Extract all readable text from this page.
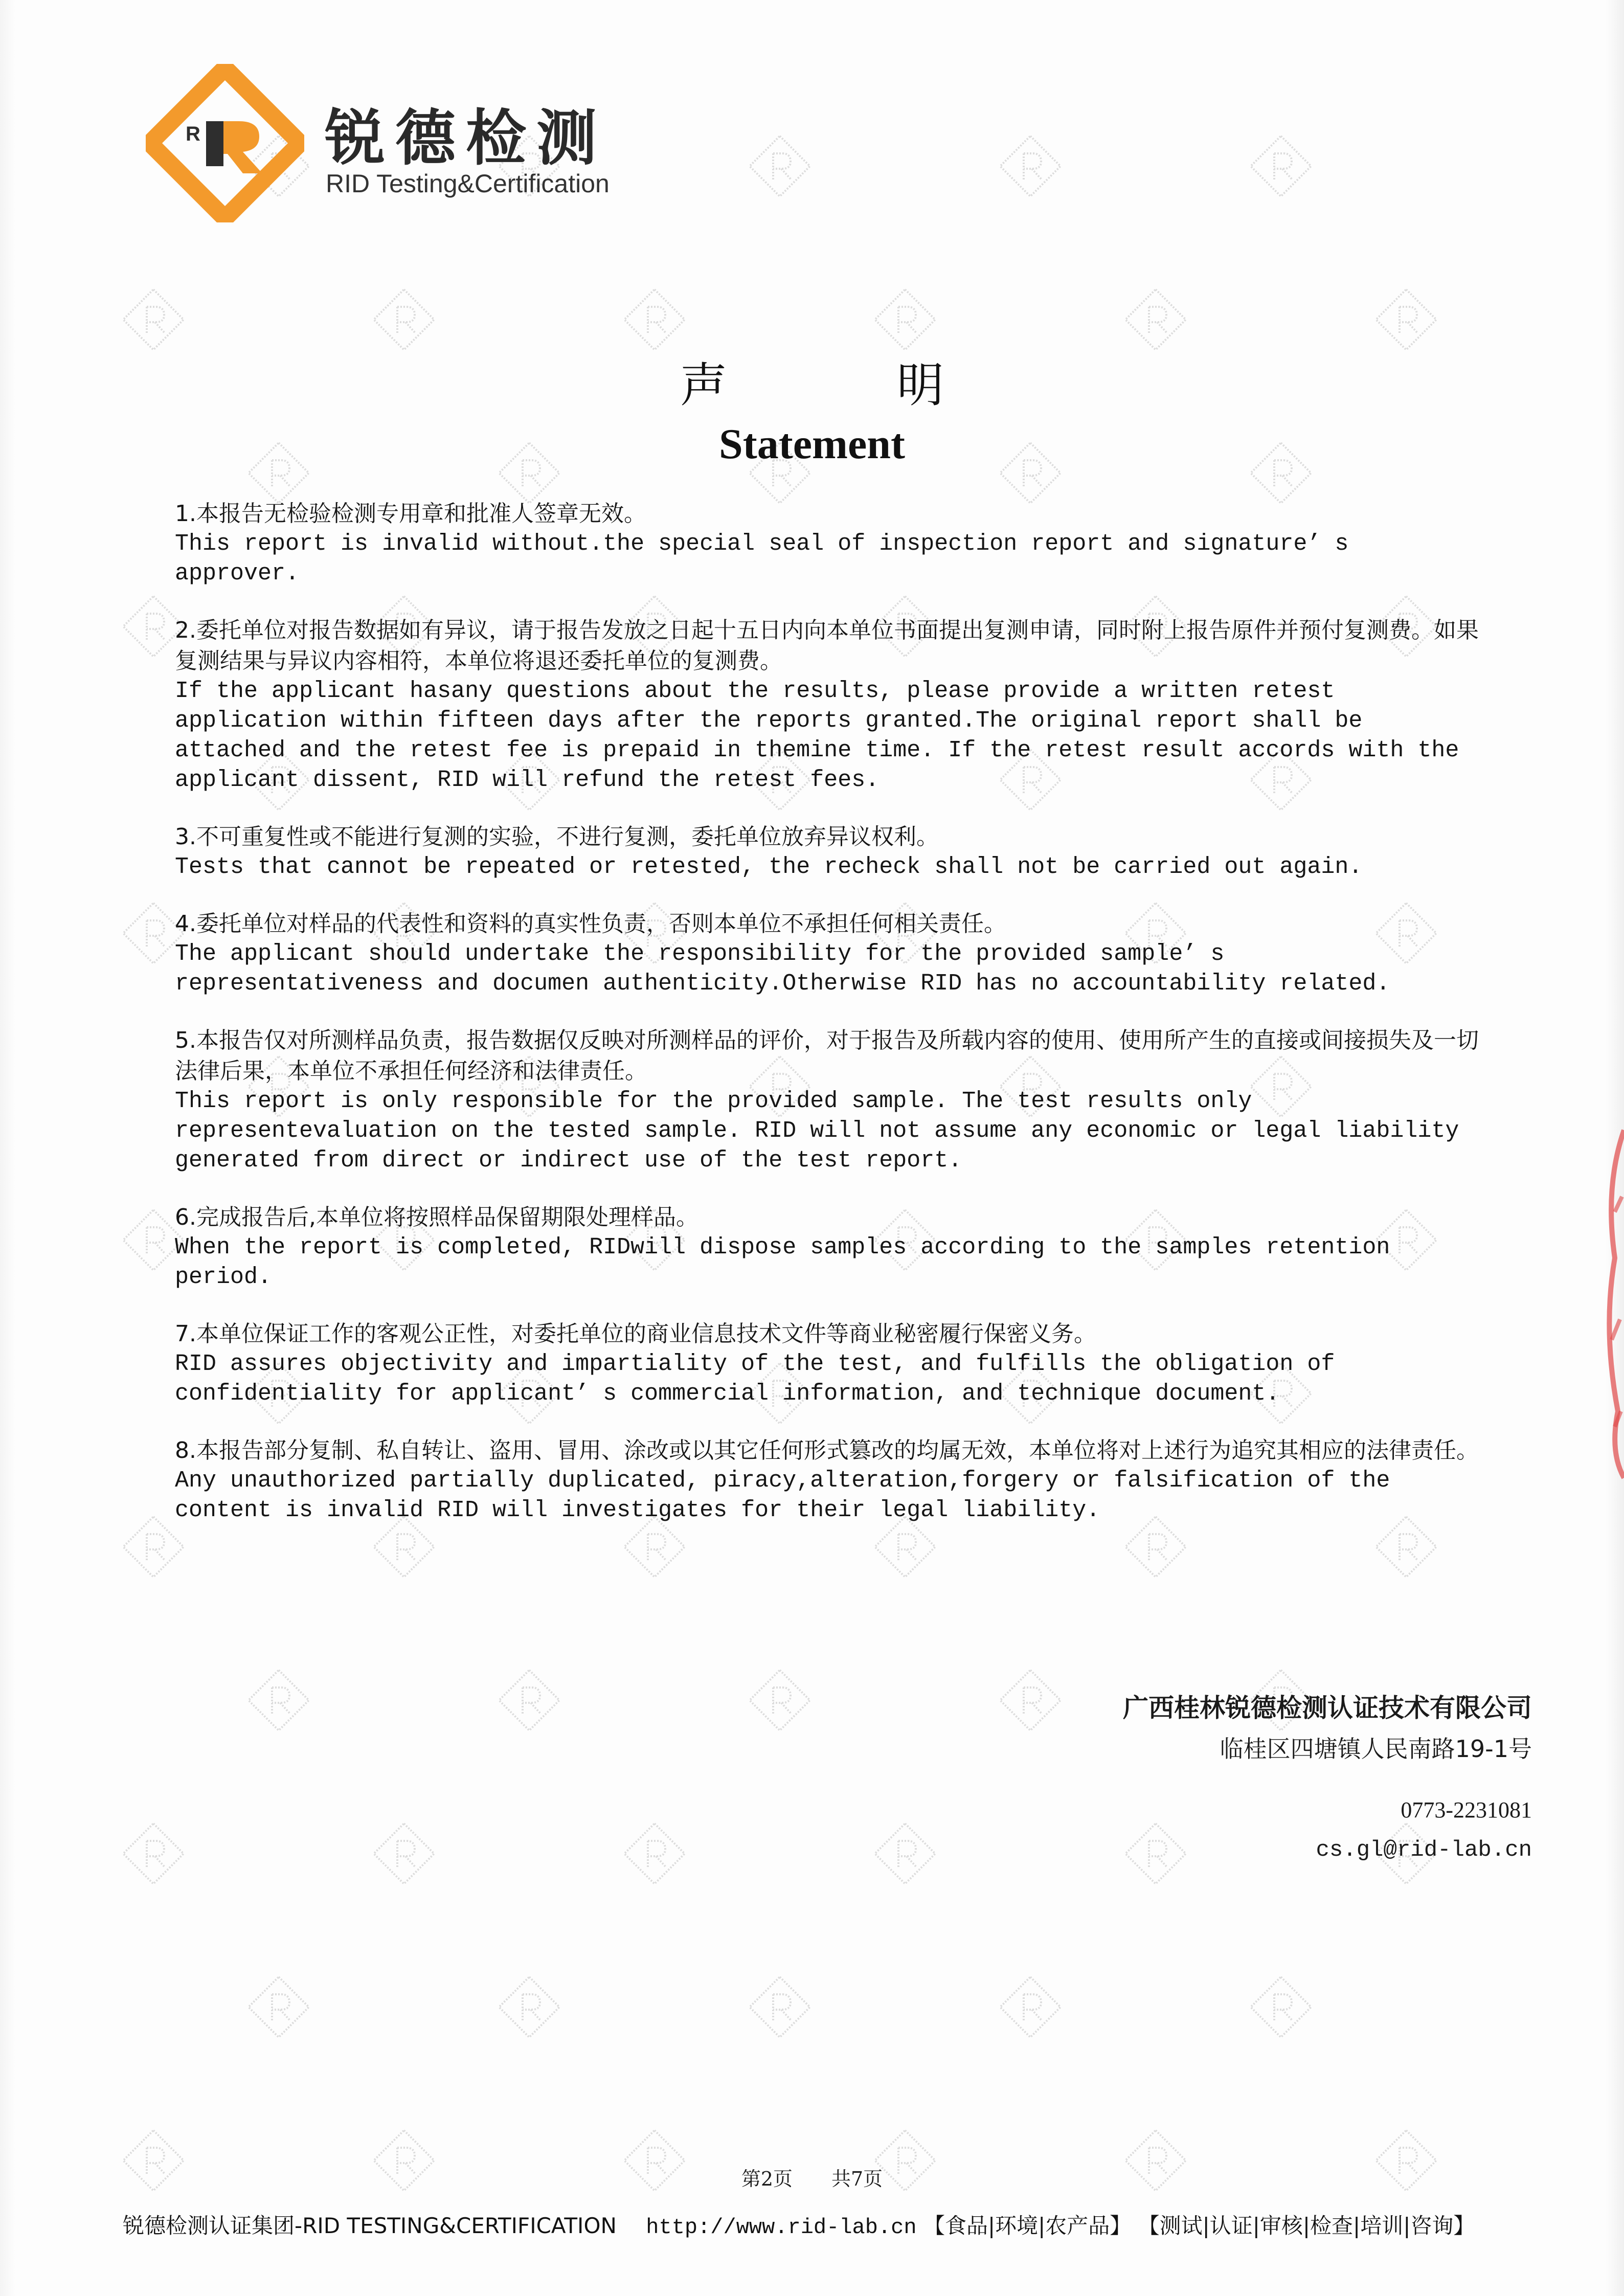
R 锐德检测
RID Testing&Certification
声　明
Statement
1.本报告无检验检测专用章和批准人签章无效。
This report is invalid without.the special seal of inspection report and signature’ s approver.
2.委托单位对报告数据如有异议，请于报告发放之日起十五日内向本单位书面提出复测申请，同时附上报告原件并预付复测费。如果复测结果与异议内容相符，本单位将退还委托单位的复测费。
If the applicant hasany questions about the results, please provide a written retest application within fifteen days after the reports granted.The original report shall be attached and the retest fee is prepaid in themine time. If the retest result accords with the applicant dissent, RID will refund the retest fees.
3.不可重复性或不能进行复测的实验，不进行复测，委托单位放弃异议权利。
Tests that cannot be repeated or retested, the recheck shall not be carried out again.
4.委托单位对样品的代表性和资料的真实性负责，否则本单位不承担任何相关责任。
The applicant should undertake the responsibility for the provided sample’ s representativeness and documen authenticity.Otherwise RID has no accountability related.
5.本报告仅对所测样品负责，报告数据仅反映对所测样品的评价，对于报告及所载内容的使用、使用所产生的直接或间接损失及一切法律后果，本单位不承担任何经济和法律责任。
This report is only responsible for the provided sample. The test results only representevaluation on the tested sample. RID will not assume any economic or legal liability generated from direct or indirect use of the test report.
6.完成报告后,本单位将按照样品保留期限处理样品。
When the report is completed, RIDwill dispose samples according to the samples retention period.
7.本单位保证工作的客观公正性，对委托单位的商业信息技术文件等商业秘密履行保密义务。
RID assures objectivity and impartiality of the test, and fulfills the obligation of confidentiality for applicant’ s commercial information, and technique document.
8.本报告部分复制、私自转让、盗用、冒用、涂改或以其它任何形式篡改的均属无效，本单位将对上述行为追究其相应的法律责任。
Any unauthorized partially duplicated, piracy,alteration,forgery or falsification of the content is invalid RID will investigates for their legal liability.
广西桂林锐德检测认证技术有限公司
临桂区四塘镇人民南路19-1号
0773-2231081
cs.gl@rid-lab.cn
第2页　　共7页
锐德检测认证集团-RID TESTING&CERTIFICATION http://www.rid-lab.cn 【食品|环境|农产品】 【测试|认证|审核|检查|培训|咨询】
